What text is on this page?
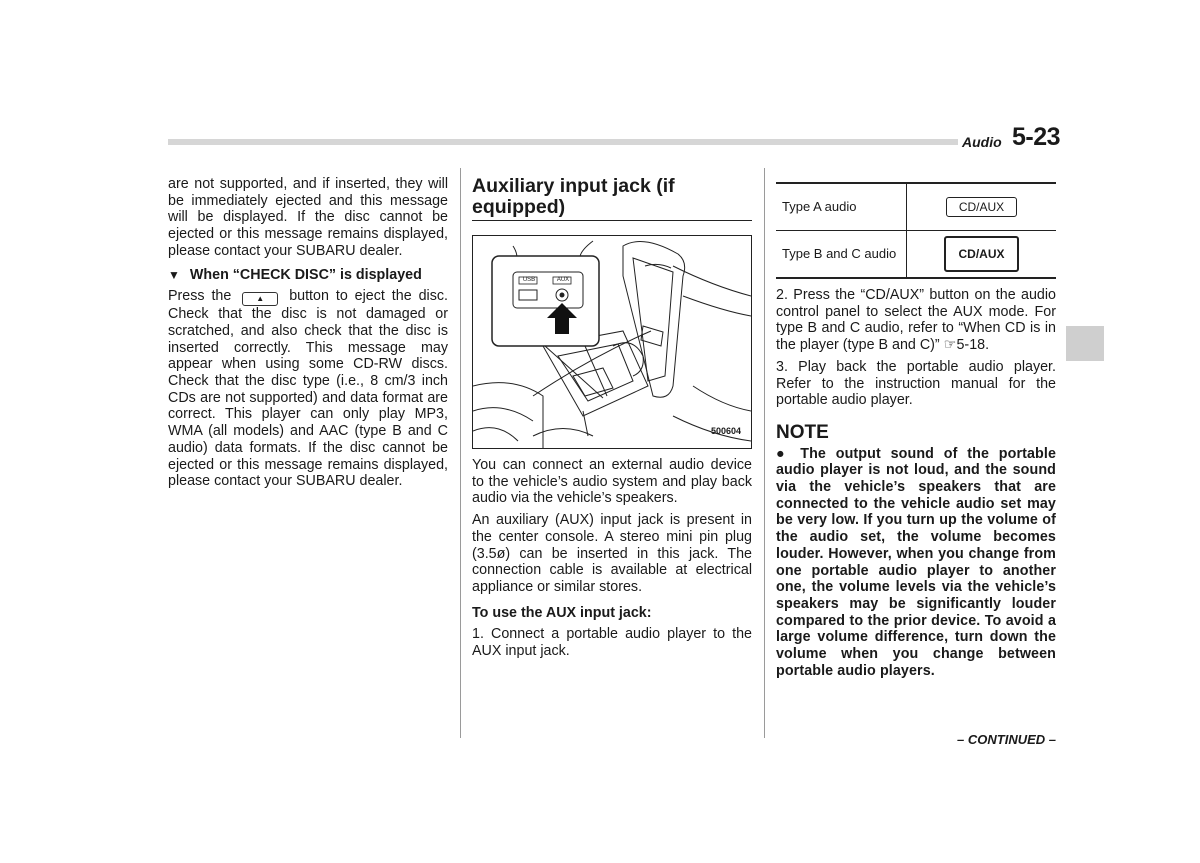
Audio 5-23

are not supported, and if inserted, they will be immediately ejected and this message will be displayed. If the disc cannot be ejected or this message remains displayed, please contact your SUBARU dealer.

▼ When “CHECK DISC” is displayed

Press the	▲ button to eject the disc. Check that the disc is not damaged or scratched, and also check that the disc is inserted correctly. This message may appear when using some CD-RW discs. Check that the disc type (i.e., 8 cm/3 inch CDs are not supported) and data format are correct. This player can only play MP3, WMA (all models) and AAC (type B and C audio) data formats. If the disc cannot be ejected or this message remains displayed, please contact your SUBARU dealer.

Auxiliary input jack (if equipped)
USB	AUX
500604

You can connect an external audio device to the vehicle’s audio system and play back audio via the vehicle’s speakers.

An auxiliary (AUX) input jack is present in the center console. A stereo mini pin plug (3.5ø) can be inserted in this jack. The connection cable is available at electrical appliance or similar stores.

To use the AUX input jack:

1. Connect a portable audio player to the AUX input jack.

Type A audio	CD/AUX
Type B and C audio	CD/AUX

2. Press the “CD/AUX” button on the audio control panel to select the AUX mode. For type B and C audio, refer to “When CD is in the player (type B and C)” ☞5-18.

3. Play back the portable audio player. Refer to the instruction manual for the portable audio player.

NOTE

● The output sound of the portable audio player is not loud, and the sound via the vehicle’s speakers that are connected to the vehicle audio set may be very low. If you turn up the volume of the audio set, the volume becomes louder. However, when you change from one portable audio player to another one, the volume levels via the vehicle’s speakers may be significantly louder compared to the prior device. To avoid a large volume difference, turn down the volume when you change between portable audio players.

– CONTINUED –
